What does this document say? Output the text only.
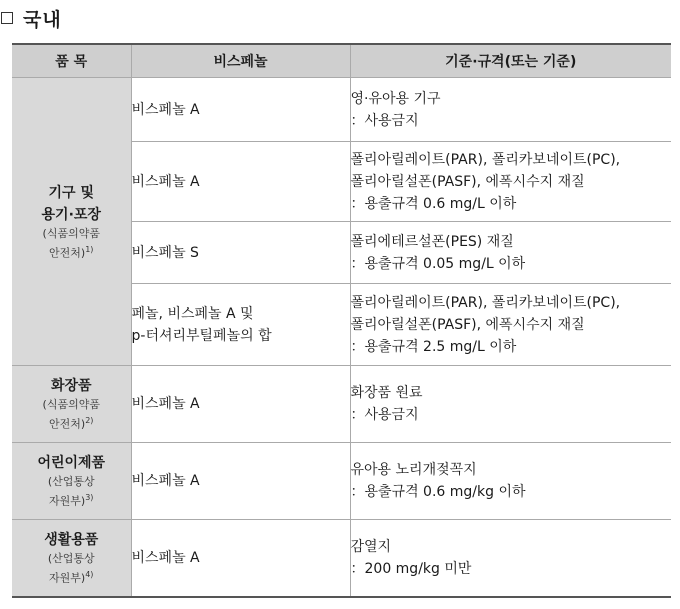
국내
품 목	비스페놀	기준·규격(또는 기준)

기구 및
용기·포장
(식품의약품
안전처)$^{1)}$	비스페놀 A	영·유아용 기구
：사용금지

	비스페놀 A	폴리아릴레이트(PAR), 폴리카보네이트(PC),
폴리아릴설폰(PASF), 에폭시수지 재질
：용출규격 0.6 mg/L 이하

	비스페놀 S	폴리에테르설폰(PES) 재질
：용출규격 0.05 mg/L 이하

	페놀, 비스페놀 A 및
p-터셔리부틸페놀의 합	폴리아릴레이트(PAR), 폴리카보네이트(PC),
폴리아릴설폰(PASF), 에폭시수지 재질
：용출규격 2.5 mg/L 이하

화장품
(식품의약품
안전처)$^{2)}$	비스페놀 A	화장품 원료
：사용금지

어린이제품
(산업통상
자원부)$^{3)}$	비스페놀 A	유아용 노리개젖꼭지
：용출규격 0.6 mg/kg 이하

생활용품
(산업통상
자원부)$^{4)}$	비스페놀 A	감열지
：200 mg/kg 미만
